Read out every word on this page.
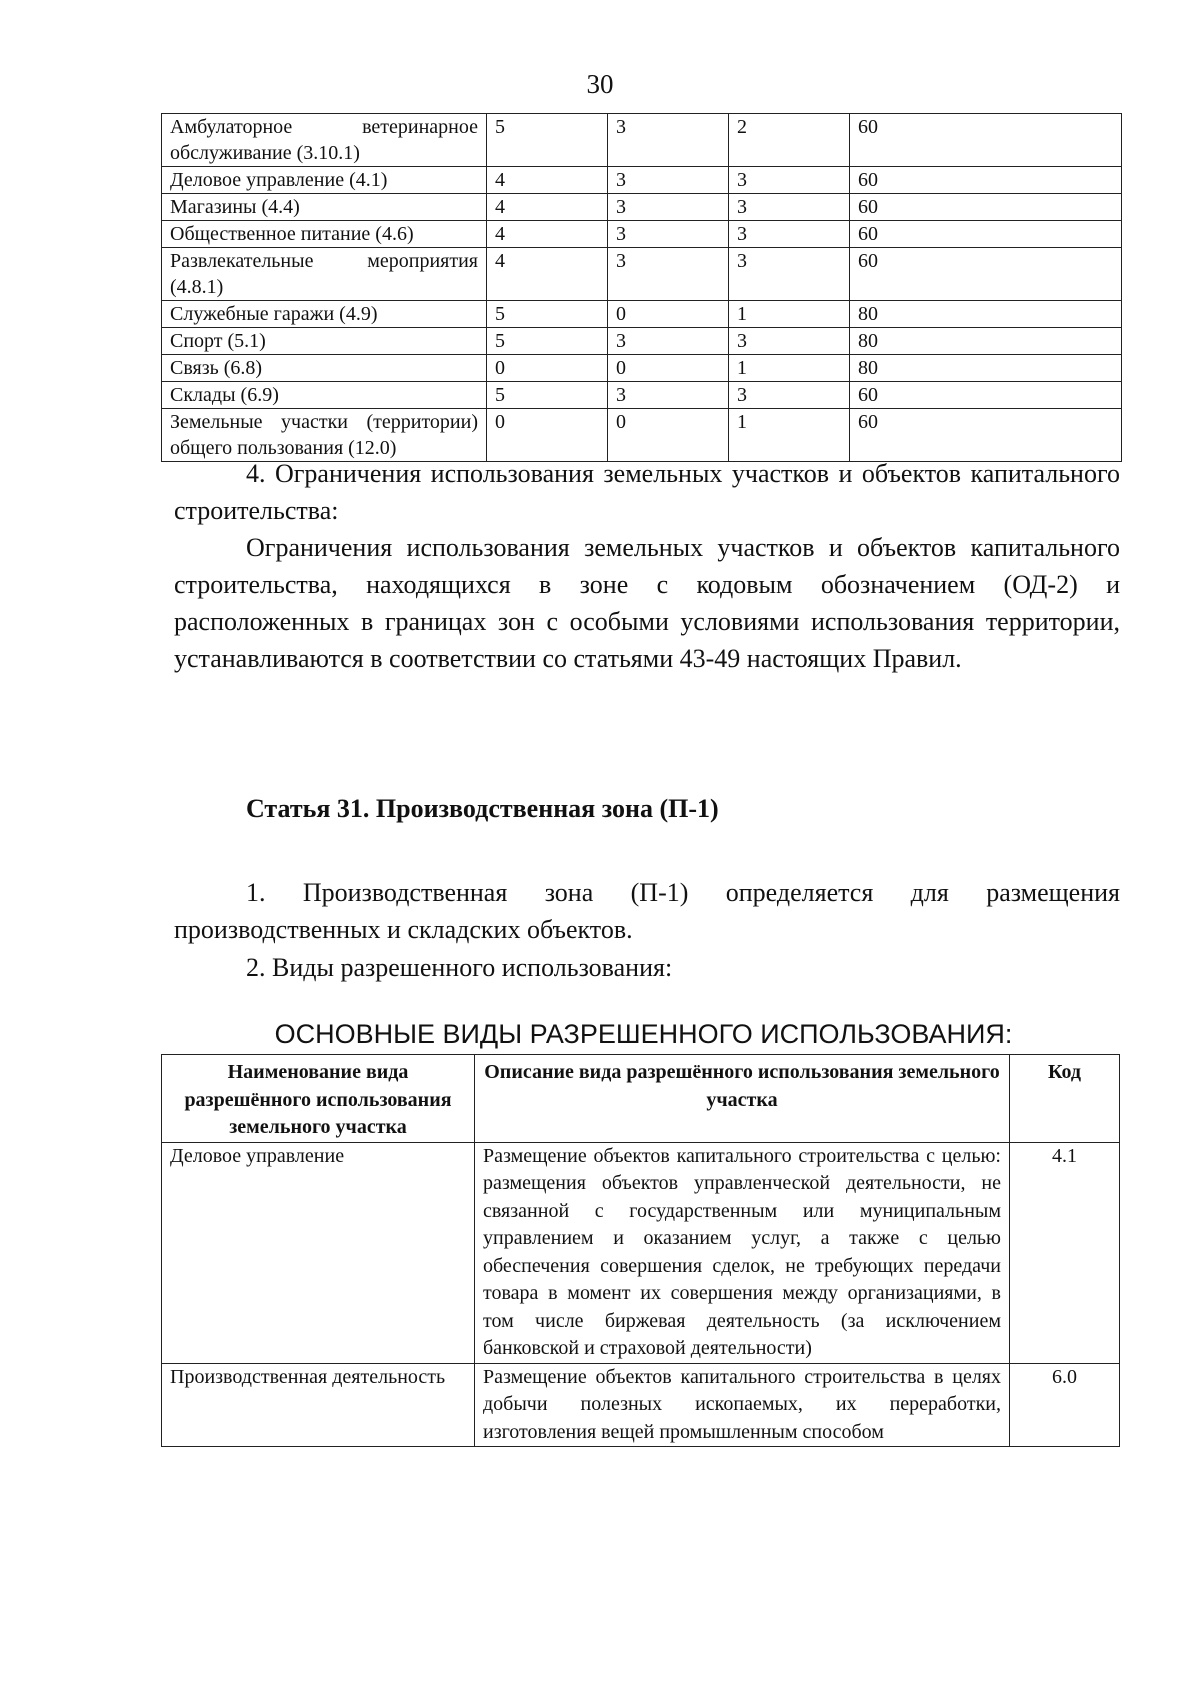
30
Амбулаторное ветеринарное обслуживание (3.10.1)	5	3	2	60
Деловое управление (4.1)	4	3	3	60
Магазины (4.4)	4	3	3	60
Общественное питание (4.6)	4	3	3	60
Развлекательные мероприятия (4.8.1)	4	3	3	60
Служебные гаражи (4.9)	5	0	1	80
Спорт (5.1)	5	3	3	80
Связь (6.8)	0	0	1	80
Склады (6.9)	5	3	3	60
Земельные участки (территории) общего пользования (12.0)	0	0	1	60

4. Ограничения использования земельных участков и объектов капитального строительства:

Ограничения использования земельных участков и объектов капитального строительства, находящихся в зоне с кодовым обозначением (ОД-2) и расположенных в границах зон с особыми условиями использования территории, устанавливаются в соответствии со статьями 43-49 настоящих Правил.

Статья 31. Производственная зона (П-1)

1. Производственная зона (П-1) определяется для размещения производственных и складских объектов.

2. Виды разрешенного использования:

ОСНОВНЫЕ ВИДЫ РАЗРЕШЕННОГО ИСПОЛЬЗОВАНИЯ:

Наименование вида разрешённого использования земельного участка	Описание вида разрешённого использования земельного участка	Код
Деловое управление	Размещение объектов капитального строительства с целью: размещения объектов управленческой деятельности, не связанной с государственным или муниципальным управлением и оказанием услуг, а также с целью обеспечения совершения сделок, не требующих передачи товара в момент их совершения между организациями, в том числе биржевая деятельность (за исключением банковской и страховой деятельности)	4.1
Производственная деятельность	Размещение объектов капитального строительства в целях добычи полезных ископаемых, их переработки, изготовления вещей промышленным способом	6.0
